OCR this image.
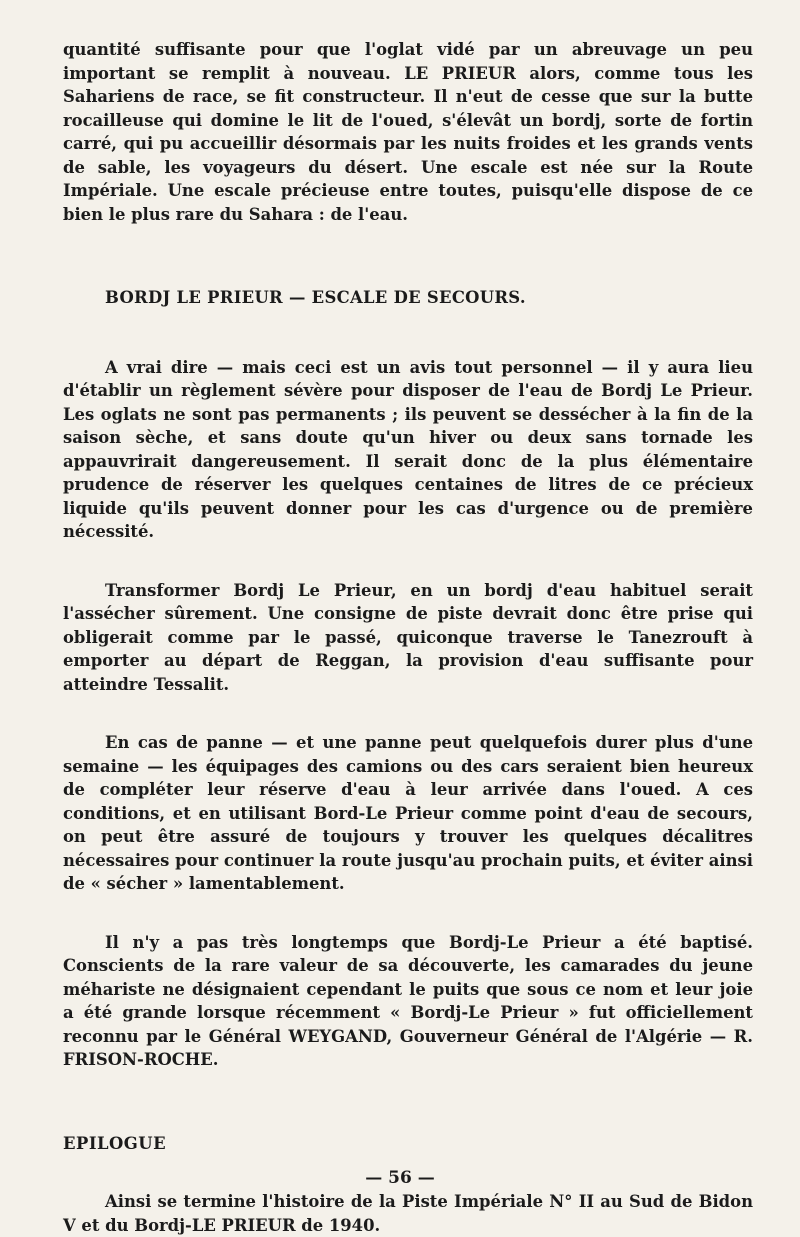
quantité suffisante pour que l'oglat vidé par un abreuvage un peu important se remplit à nouveau. LE PRIEUR alors, comme tous les Sahariens de race, se fit constructeur. Il n'eut de cesse que sur la butte rocailleuse qui domine le lit de l'oued, s'élevât un bordj, sorte de fortin carré, qui pu accueillir désormais par les nuits froides et les grands vents de sable, les voyageurs du désert. Une escale est née sur la Route Impériale. Une escale précieuse entre toutes, puisqu'elle dispose de ce bien le plus rare du Sahara : de l'eau.

BORDJ LE PRIEUR — ESCALE DE SECOURS.

A vrai dire — mais ceci est un avis tout personnel — il y aura lieu d'établir un règlement sévère pour disposer de l'eau de Bordj Le Prieur. Les oglats ne sont pas permanents ; ils peuvent se dessécher à la fin de la saison sèche, et sans doute qu'un hiver ou deux sans tornade les appauvrirait dangereusement. Il serait donc de la plus élémentaire prudence de réserver les quelques centaines de litres de ce précieux liquide qu'ils peuvent donner pour les cas d'urgence ou de première nécessité.

Transformer Bordj Le Prieur, en un bordj d'eau habituel serait l'assécher sûrement. Une consigne de piste devrait donc être prise qui obligerait comme par le passé, quiconque traverse le Tanezrouft à emporter au départ de Reggan, la provision d'eau suffisante pour atteindre Tessalit.

En cas de panne — et une panne peut quelquefois durer plus d'une semaine — les équipages des camions ou des cars seraient bien heureux de compléter leur réserve d'eau à leur arrivée dans l'oued. A ces conditions, et en utilisant Bord-Le Prieur comme point d'eau de secours, on peut être assuré de toujours y trouver les quelques décalitres nécessaires pour continuer la route jusqu'au prochain puits, et éviter ainsi de « sécher » lamentablement.

Il n'y a pas très longtemps que Bordj-Le Prieur a été baptisé. Conscients de la rare valeur de sa découverte, les camarades du jeune méhariste ne désignaient cependant le puits que sous ce nom et leur joie a été grande lorsque récemment « Bordj-Le Prieur » fut officiellement reconnu par le Général WEYGAND, Gouverneur Général de l'Algérie — R. FRISON-ROCHE.

EPILOGUE

Ainsi se termine l'histoire de la Piste Impériale N° II au Sud de Bidon V et du Bordj-LE PRIEUR de 1940.

— 56 —
